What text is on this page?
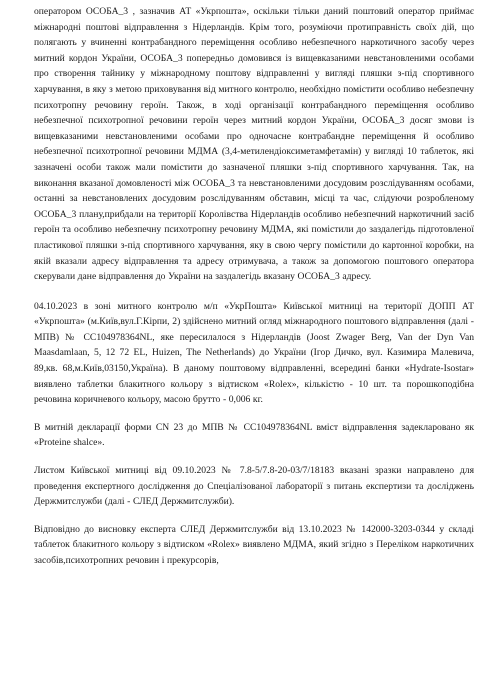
оператором ОСОБА_3 , зазначив АТ «Укрпошта», оскільки тільки даний поштовий оператор приймає міжнародні поштові відправлення з Нідерландів. Крім того, розуміючи протиправність своїх дій, що полягають у вчиненні контрабандного переміщення особливо небезпечного наркотичного засобу через митний кордон України, ОСОБА_3 попередньо домовився із вищевказаними невстановленими особами про створення тайнику у міжнародному поштову відправленні у вигляді пляшки з-під спортивного харчування, в яку з метою приховування від митного контролю, необхідно помістити особливо небезпечну психотропну речовину героїн. Також, в ході організації контрабандного переміщення особливо небезпечної психотропної речовини героїн через митний кордон України, ОСОБА_3 досяг змови із вищевказаними невстановленими особами про одночасне контрабандне переміщення й особливо небезпечної психотропної речовини МДМА (3,4-метилендіоксиметамфетамін) у вигляді 10 таблеток, які зазначені особи також мали помістити до зазначеної пляшки з-під спортивного харчування. Так, на виконання вказаної домовленості між ОСОБА_3 та невстановленими досудовим розслідуванням особами, останні за невстановлених досудовим розслідуванням обставин, місці та час, слідуючи розробленому ОСОБА_3 плану,прибдали на території Королівства Нідерландів особливо небезпечний наркотичний засіб героїн та особливо небезпечну психотропну речовину МДМА, які помістили до заздалегідь підготовленої пластикової пляшки з-під спортивного харчування, яку в свою чергу помістили до картонної коробки, на якій вказали адресу відправлення та адресу отримувача, а також за допомогою поштового оператора скерували дане відправлення до України на заздалегідь вказану ОСОБА_3 адресу.

04.10.2023 в зоні митного контролю м/п «УкрПошта» Київської митниці на території ДОПП АТ «Укрпошта» (м.Київ,вул.Г.Кірпи, 2) здійснено митний огляд міжнародного поштового відправлення (далі - МПВ) № CC104978364NL, яке пересилалося з Нідерландів (Joost Zwager Berg, Van der Dyn Van Maasdamlaan, 5, 12 72 EL, Huizen, The Netherlands) до України (Ігор Дичко, вул. Казимира Малевича, 89,кв. 68,м.Київ,03150,Україна). В даному поштовому відправленні, всередині банки «Hydrate-Isostar» виявлено таблетки блакитного кольору з відтиском «Rolex», кількістю - 10 шт. та порошкоподібна речовина коричневого кольору, масою брутто - 0,006 кг.

В митній декларації форми CN 23 до МПВ № CC104978364NL вміст відправлення задекларовано як «Proteine shalce».

Листом Київської митниці від 09.10.2023 № 7.8-5/7.8-20-03/7/18183 вказані зразки направлено для проведення експертного дослідження до Спеціалізованої лабораторії з питань експертизи та досліджень Держмитслужби (далі - СЛЕД Держмитслужби).

Відповідно до висновку експерта СЛЕД Держмитслужби від 13.10.2023 № 142000-3203-0344 у складі таблеток блакитного кольору з відтиском «Rolex» виявлено МДМА, який згідно з Переліком наркотичних засобів,психотропних речовин і прекурсорів,
